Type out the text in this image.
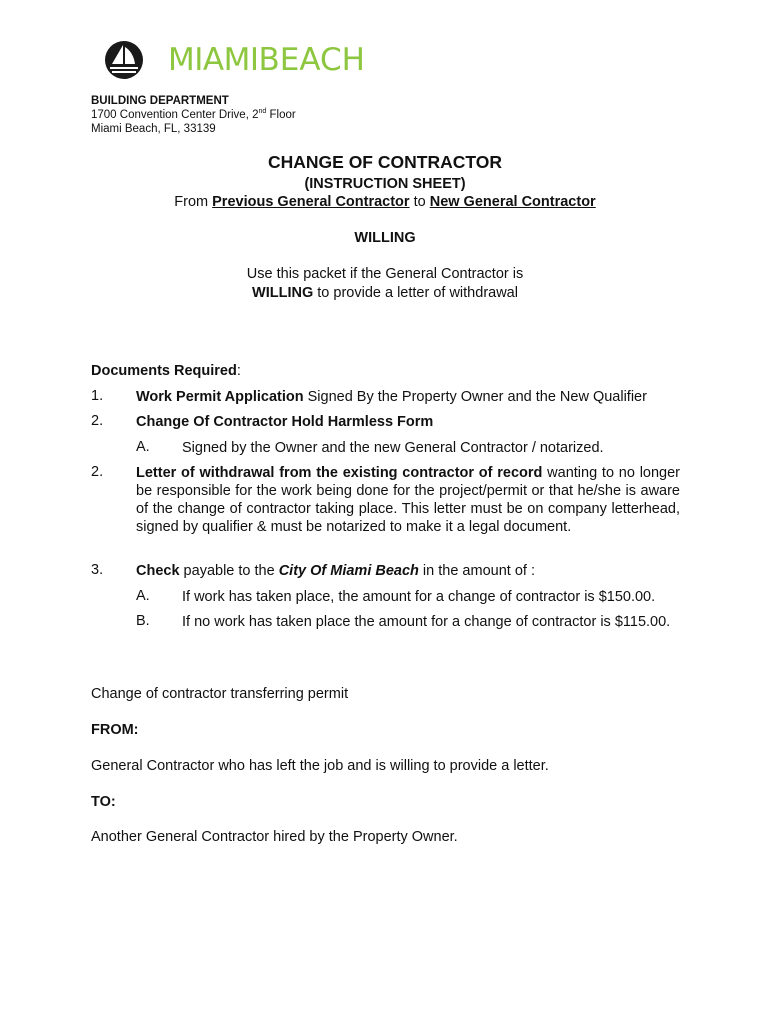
MIAMIBEACH
BUILDING DEPARTMENT
1700 Convention Center Drive, 2nd Floor
Miami Beach, FL, 33139
CHANGE OF CONTRACTOR
(INSTRUCTION SHEET)
From Previous General Contractor to New General Contractor
WILLING
Use this packet if the General Contractor is
WILLING to provide a letter of withdrawal
Documents Required:
1. Work Permit Application Signed By the Property Owner and the New Qualifier
2. Change Of Contractor Hold Harmless Form
A. Signed by the Owner and the new General Contractor / notarized.
2. Letter of withdrawal from the existing contractor of record wanting to no longer be responsible for the work being done for the project/permit or that he/she is aware of the change of contractor taking place. This letter must be on company letterhead, signed by qualifier & must be notarized to make it a legal document.
3. Check payable to the City Of Miami Beach in the amount of :
A. If work has taken place, the amount for a change of contractor is $150.00.
B. If no work has taken place the amount for a change of contractor is $115.00.
Change of contractor transferring permit
FROM:
General Contractor who has left the job and is willing to provide a letter.
TO:
Another General Contractor hired by the Property Owner.
